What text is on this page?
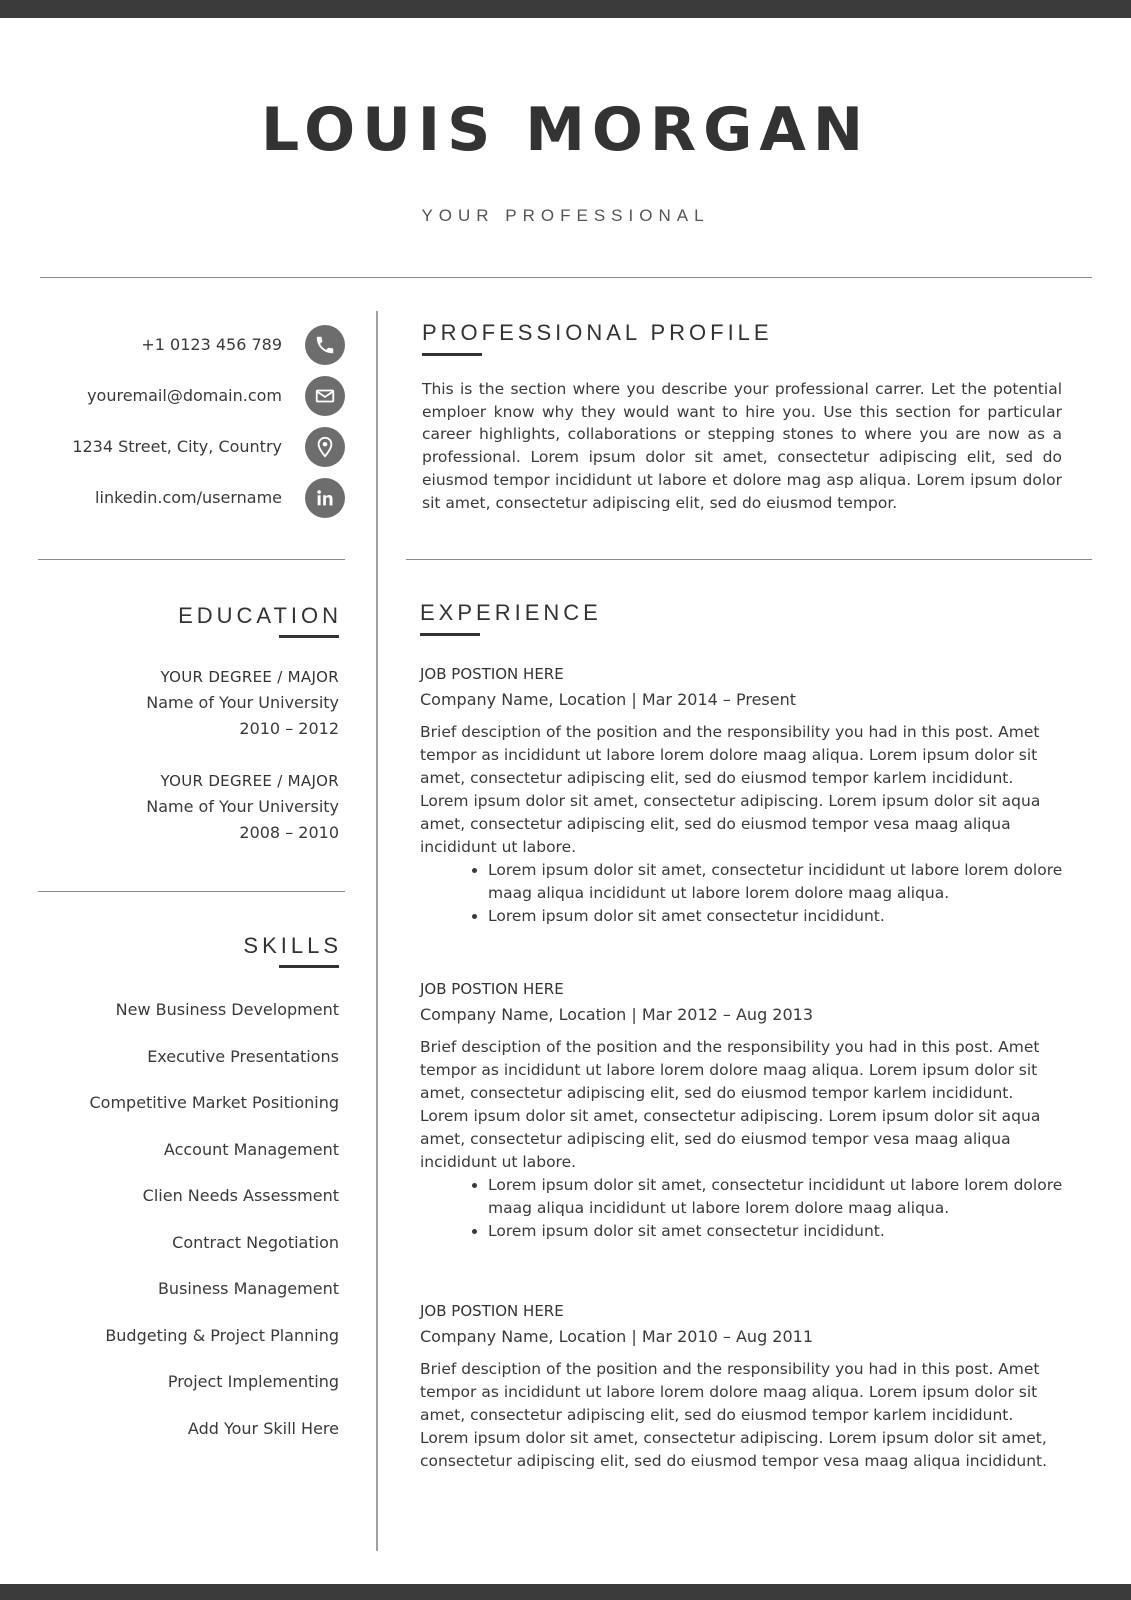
LOUIS MORGAN
YOUR PROFESSIONAL
+1 0123 456 789
youremail@domain.com
1234 Street, City, Country
linkedin.com/username
PROFESSIONAL PROFILE
This is the section where you describe your professional carrer. Let the potential emploer know why they would want to hire you. Use this section for particular career highlights, collaborations or stepping stones to where you are now as a professional. Lorem ipsum dolor sit amet, consectetur adipiscing elit, sed do eiusmod tempor incididunt ut labore et dolore mag asp aliqua. Lorem ipsum dolor sit amet, consectetur adipiscing elit, sed do eiusmod tempor.
EDUCATION
YOUR DEGREE / MAJOR
Name of Your University
2010 – 2012
YOUR DEGREE / MAJOR
Name of Your University
2008 – 2010
SKILLS
New Business Development
Executive Presentations
Competitive Market Positioning
Account Management
Clien Needs Assessment
Contract Negotiation
Business Management
Budgeting & Project Planning
Project Implementing
Add Your Skill Here
EXPERIENCE
JOB POSTION HERE
Company Name, Location | Mar 2014 – Present
Brief desciption of the position and the responsibility you had in this post. Amet tempor as incididunt ut labore lorem dolore maag aliqua. Lorem ipsum dolor sit amet, consectetur adipiscing elit, sed do eiusmod tempor karlem incididunt. Lorem ipsum dolor sit amet, consectetur adipiscing. Lorem ipsum dolor sit aqua amet, consectetur adipiscing elit, sed do eiusmod tempor vesa maag aliqua incididunt ut labore.
• Lorem ipsum dolor sit amet, consectetur incididunt ut labore lorem dolore maag aliqua incididunt ut labore lorem dolore maag aliqua.
• Lorem ipsum dolor sit amet consectetur incididunt.
JOB POSTION HERE
Company Name, Location | Mar 2012 – Aug 2013
Brief desciption of the position and the responsibility you had in this post. Amet tempor as incididunt ut labore lorem dolore maag aliqua. Lorem ipsum dolor sit amet, consectetur adipiscing elit, sed do eiusmod tempor karlem incididunt. Lorem ipsum dolor sit amet, consectetur adipiscing. Lorem ipsum dolor sit aqua amet, consectetur adipiscing elit, sed do eiusmod tempor vesa maag aliqua incididunt ut labore.
• Lorem ipsum dolor sit amet, consectetur incididunt ut labore lorem dolore maag aliqua incididunt ut labore lorem dolore maag aliqua.
• Lorem ipsum dolor sit amet consectetur incididunt.
JOB POSTION HERE
Company Name, Location | Mar 2010 – Aug 2011
Brief desciption of the position and the responsibility you had in this post. Amet tempor as incididunt ut labore lorem dolore maag aliqua. Lorem ipsum dolor sit amet, consectetur adipiscing elit, sed do eiusmod tempor karlem incididunt. Lorem ipsum dolor sit amet, consectetur adipiscing. Lorem ipsum dolor sit amet, consectetur adipiscing elit, sed do eiusmod tempor vesa maag aliqua incididunt.
